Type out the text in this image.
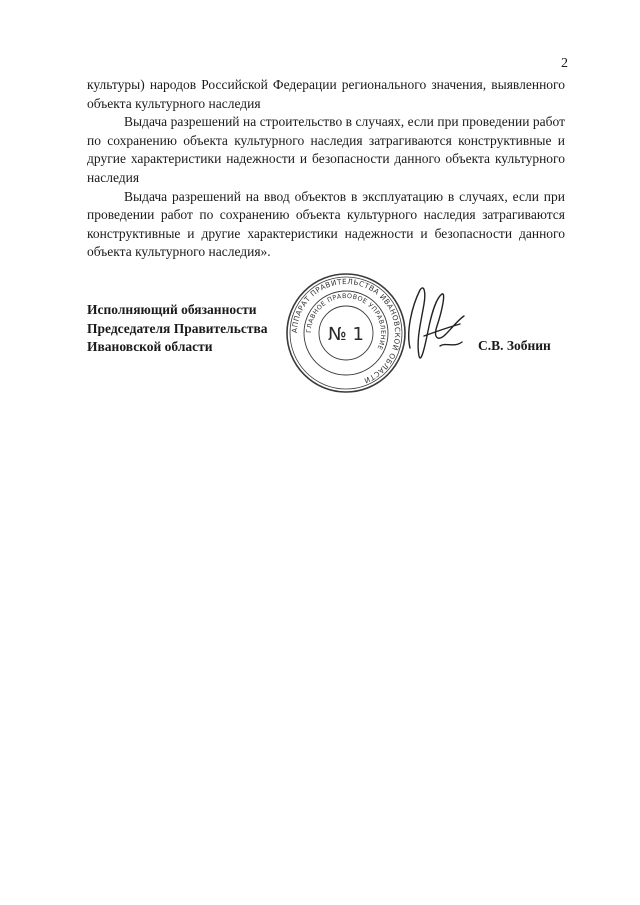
2

культуры) народов Российской Федерации регионального значения, выявленного объекта культурного наследия

Выдача разрешений на строительство в случаях, если при проведении работ по сохранению объекта культурного наследия затрагиваются конструктивные и другие характеристики надежности и безопасности данного объекта культурного наследия

Выдача разрешений на ввод объектов в эксплуатацию в случаях, если при проведении работ по сохранению объекта культурного наследия затрагиваются конструктивные и другие характеристики надежности и безопасности данного объекта культурного наследия».

Исполняющий обязанности
Председателя Правительства
Ивановской области
АППАРАТ ПРАВИТЕЛЬСТВА ИВАНОВСКОЙ ОБЛАСТИ
ГЛАВНОЕ ПРАВОВОЕ УПРАВЛЕНИЕ
№ 1
С.В. Зобнин
